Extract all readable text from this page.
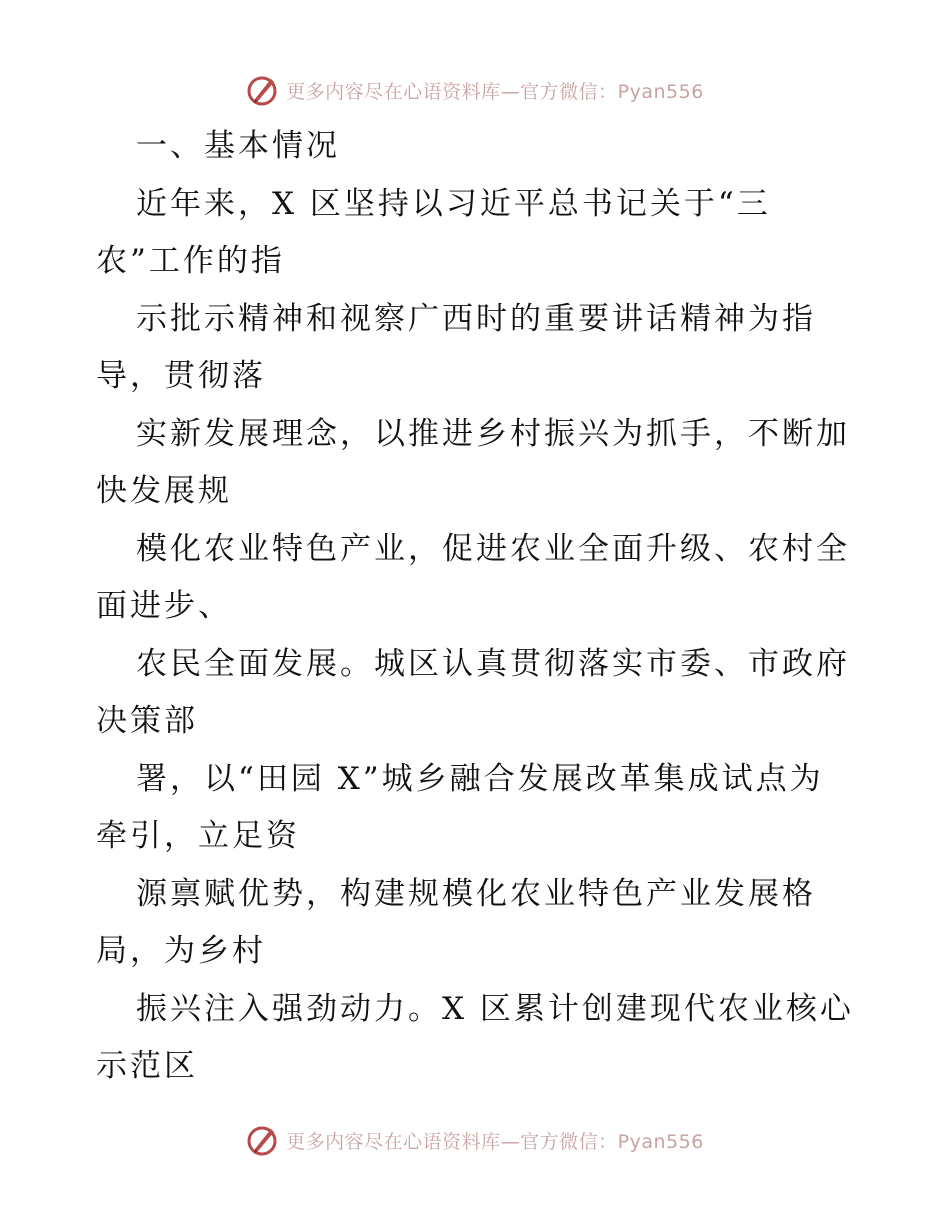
更多内容尽在心语资料库—官方微信：Pyan556
一、基本情况
近年来，X 区坚持以习近平总书记关于“三
农”工作的指
示批示精神和视察广西时的重要讲话精神为指
导，贯彻落
实新发展理念，以推进乡村振兴为抓手，不断加
快发展规
模化农业特色产业，促进农业全面升级、农村全
面进步、
农民全面发展。城区认真贯彻落实市委、市政府
决策部
署，以“田园 X”城乡融合发展改革集成试点为
牵引，立足资
源禀赋优势，构建规模化农业特色产业发展格
局，为乡村
振兴注入强劲动力。X 区累计创建现代农业核心
示范区
更多内容尽在心语资料库—官方微信：Pyan556
